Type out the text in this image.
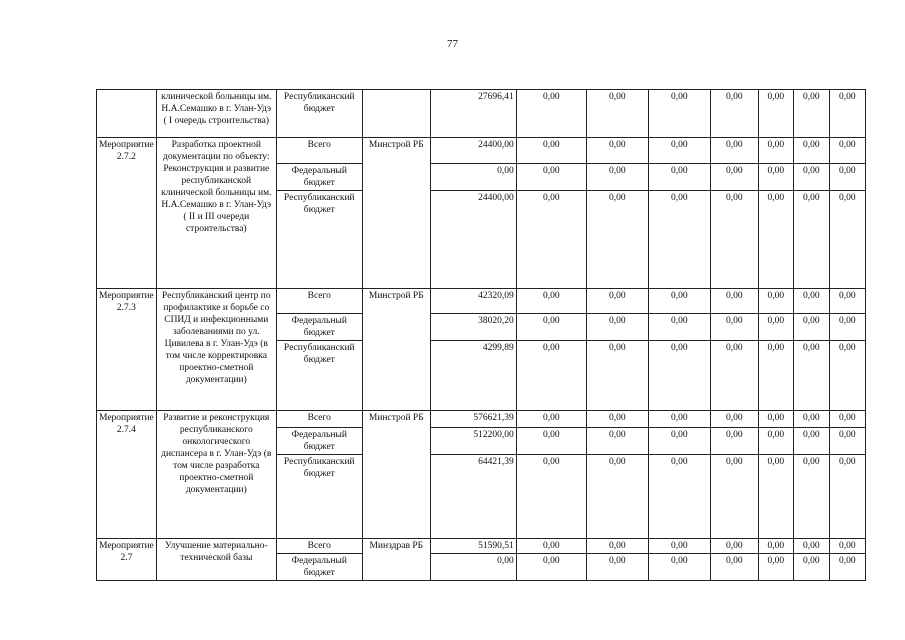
77
	клинической больницы им. Н.А.Семашко в г. Улан-Удэ ( I очередь строительства)	Республиканский бюджет		27696,41	0,00	0,00	0,00	0,00	0,00	0,00	0,00
Мероприятие 2.7.2	Разработка проектной документации по объекту: Реконструкция и развитие республиканской клинической больницы им. Н.А.Семашко в г. Улан-Удэ ( II и III очереди строительства)	Всего	Минстрой РБ	24400,00	0,00	0,00	0,00	0,00	0,00	0,00	0,00
		Федеральный бюджет		0,00	0,00	0,00	0,00	0,00	0,00	0,00	0,00
		Республиканский бюджет		24400,00	0,00	0,00	0,00	0,00	0,00	0,00	0,00
Мероприятие 2.7.3	Республиканский центр по профилактике и борьбе со СПИД и инфекционными заболеваниями по ул. Цивилева в г. Улан-Удэ (в том числе корректировка проектно-сметной документации)	Всего	Минстрой РБ	42320,09	0,00	0,00	0,00	0,00	0,00	0,00	0,00
		Федеральный бюджет		38020,20	0,00	0,00	0,00	0,00	0,00	0,00	0,00
		Республиканский бюджет		4299,89	0,00	0,00	0,00	0,00	0,00	0,00	0,00
Мероприятие 2.7.4	Развитие и реконструкция республиканского онкологического диспансера в г. Улан-Удэ (в том числе разработка проектно-сметной документации)	Всего	Минстрой РБ	576621,39	0,00	0,00	0,00	0,00	0,00	0,00	0,00
		Федеральный бюджет		512200,00	0,00	0,00	0,00	0,00	0,00	0,00	0,00
		Республиканский бюджет		64421,39	0,00	0,00	0,00	0,00	0,00	0,00	0,00
Мероприятие 2.7	Улучшение материально-технической базы	Всего	Минздрав РБ	51590,51	0,00	0,00	0,00	0,00	0,00	0,00	0,00
		Федеральный бюджет		0,00	0,00	0,00	0,00	0,00	0,00	0,00	0,00
